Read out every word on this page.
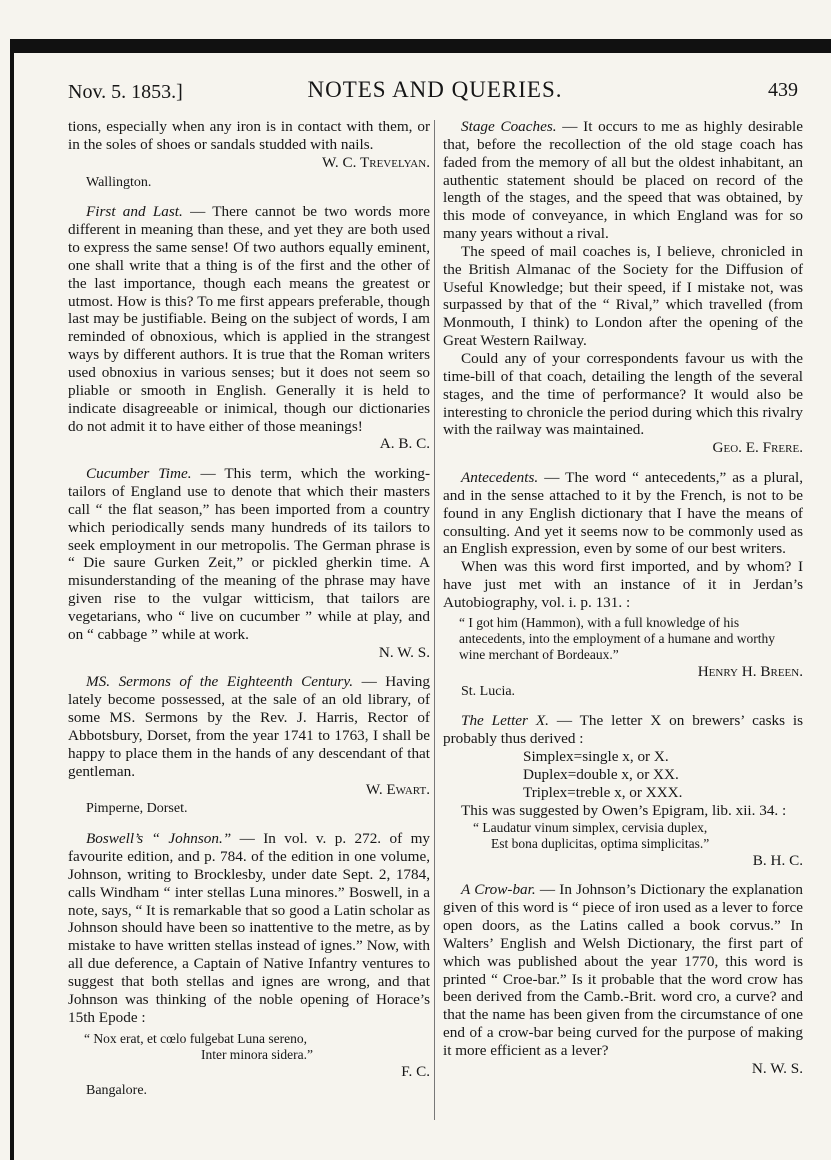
Nov. 5. 1853.]	NOTES AND QUERIES.	439

tions, especially when any iron is in contact with them, or in the soles of shoes or sandals studded with nails.

W. C. Trevelyan.

Wallington.

First and Last. — There cannot be two words more different in meaning than these, and yet they are both used to express the same sense! Of two authors equally eminent, one shall write that a thing is of the first and the other of the last importance, though each means the greatest or utmost. How is this? To me first appears preferable, though last may be justifiable. Being on the subject of words, I am reminded of obnoxious, which is applied in the strangest ways by different authors. It is true that the Roman writers used obnoxius in various senses; but it does not seem so pliable or smooth in English. Generally it is held to indicate disagreeable or inimical, though our dictionaries do not admit it to have either of those meanings!

A. B. C.

Cucumber Time. — This term, which the working-tailors of England use to denote that which their masters call “ the flat season,” has been imported from a country which periodically sends many hundreds of its tailors to seek employment in our metropolis. The German phrase is “ Die saure Gurken Zeit,” or pickled gherkin time. A misunderstanding of the meaning of the phrase may have given rise to the vulgar witticism, that tailors are vegetarians, who “ live on cucumber ” while at play, and on “ cabbage ” while at work.

N. W. S.

MS. Sermons of the Eighteenth Century. — Having lately become possessed, at the sale of an old library, of some MS. Sermons by the Rev. J. Harris, Rector of Abbotsbury, Dorset, from the year 1741 to 1763, I shall be happy to place them in the hands of any descendant of that gentleman.

W. Ewart.

Pimperne, Dorset.

Boswell’s “ Johnson.” — In vol. v. p. 272. of my favourite edition, and p. 784. of the edition in one volume, Johnson, writing to Brocklesby, under date Sept. 2, 1784, calls Windham “ inter stellas Luna minores.” Boswell, in a note, says, “ It is remarkable that so good a Latin scholar as Johnson should have been so inattentive to the metre, as by mistake to have written stellas instead of ignes.” Now, with all due deference, a Captain of Native Infantry ventures to suggest that both stellas and ignes are wrong, and that Johnson was thinking of the noble opening of Horace’s 15th Epode :

“ Nox erat, et cœlo fulgebat Luna sereno,

Inter minora sidera.”

F. C.

Bangalore.

Stage Coaches. — It occurs to me as highly desirable that, before the recollection of the old stage coach has faded from the memory of all but the oldest inhabitant, an authentic statement should be placed on record of the length of the stages, and the speed that was obtained, by this mode of conveyance, in which England was for so many years without a rival.

The speed of mail coaches is, I believe, chronicled in the British Almanac of the Society for the Diffusion of Useful Knowledge; but their speed, if I mistake not, was surpassed by that of the “ Rival,” which travelled (from Monmouth, I think) to London after the opening of the Great Western Railway.

Could any of your correspondents favour us with the time-bill of that coach, detailing the length of the several stages, and the time of performance? It would also be interesting to chronicle the period during which this rivalry with the railway was maintained.

Geo. E. Frere.

Antecedents. — The word “ antecedents,” as a plural, and in the sense attached to it by the French, is not to be found in any English dictionary that I have the means of consulting. And yet it seems now to be commonly used as an English expression, even by some of our best writers.

When was this word first imported, and by whom? I have just met with an instance of it in Jerdan’s Autobiography, vol. i. p. 131. :

“ I got him (Hammon), with a full knowledge of his antecedents, into the employment of a humane and worthy wine merchant of Bordeaux.”

Henry H. Breen.

St. Lucia.

The Letter X. — The letter X on brewers’ casks is probably thus derived :

Simplex=single x, or X.

Duplex=double x, or XX.

Triplex=treble x, or XXX.

This was suggested by Owen’s Epigram, lib. xii. 34. :

“ Laudatur vinum simplex, cervisia duplex,

Est bona duplicitas, optima simplicitas.”

B. H. C.

A Crow-bar. — In Johnson’s Dictionary the explanation given of this word is “ piece of iron used as a lever to force open doors, as the Latins called a book corvus.” In Walters’ English and Welsh Dictionary, the first part of which was published about the year 1770, this word is printed “ Croe-bar.” Is it probable that the word crow has been derived from the Camb.-Brit. word cro, a curve? and that the name has been given from the circumstance of one end of a crow-bar being curved for the purpose of making it more efficient as a lever?

N. W. S.
